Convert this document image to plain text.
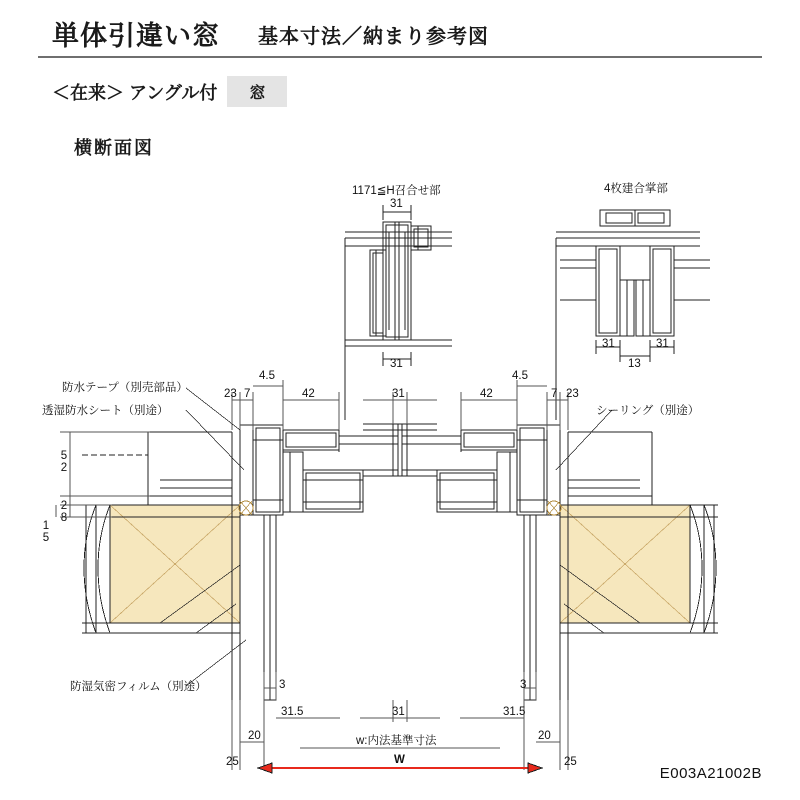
単体引違い窓 基本寸法／納まり参考図
＜在来＞ アングル付	窓
横断面図
E003A21002B
1171≦H召合せ部	4枚建合掌部
31
31
31	31
13
防水テープ（別売部品）
透湿防水シート（別途）
防湿気密フィルム（別途）
シーリング（別途）
23 7
4.5
42	31
4.5
42	7 23
52
28
15
3
31.5
20
25
3
31.5
20
25
31
w:内法基準寸法
W
